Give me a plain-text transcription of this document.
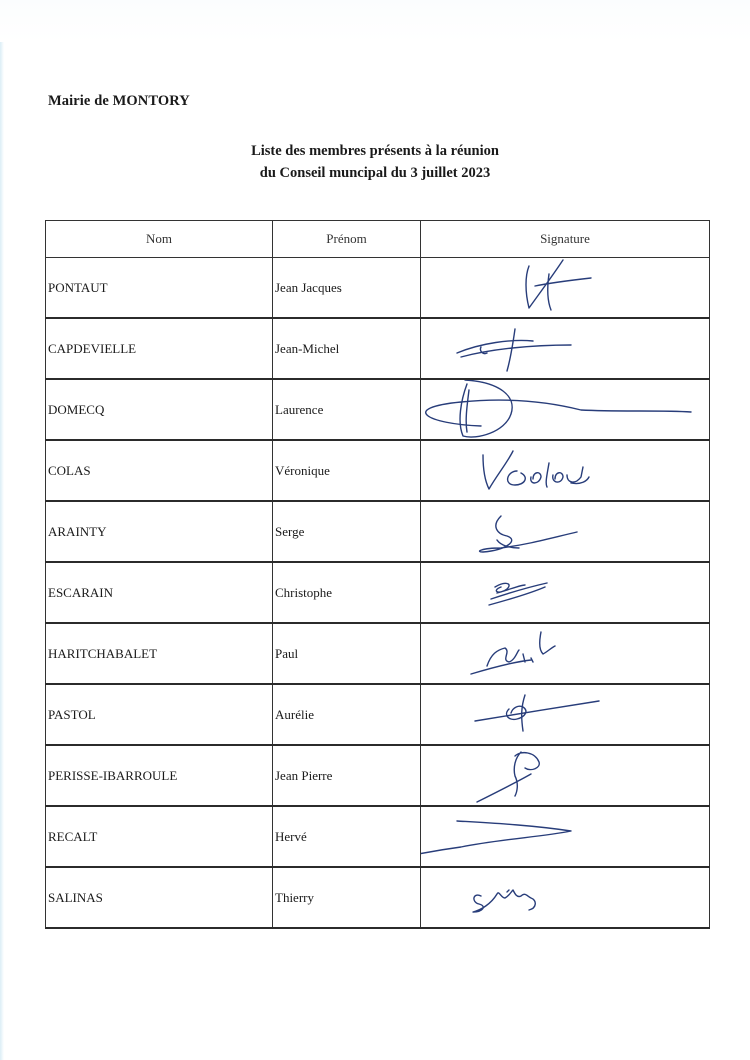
Mairie de MONTORY
Liste des membres présents à la réunion
du Conseil muncipal du 3 juillet 2023
Nom	Prénom	Signature
PONTAUT	Jean Jacques	

CAPDEVIELLE	Jean-Michel	

DOMECQ	Laurence	

COLAS	Véronique	

ARAINTY	Serge	

ESCARAIN	Christophe	

HARITCHABALET	Paul	

PASTOL	Aurélie	

PERISSE-IBARROULE	Jean Pierre	

RECALT	Hervé	

SALINAS	Thierry	
